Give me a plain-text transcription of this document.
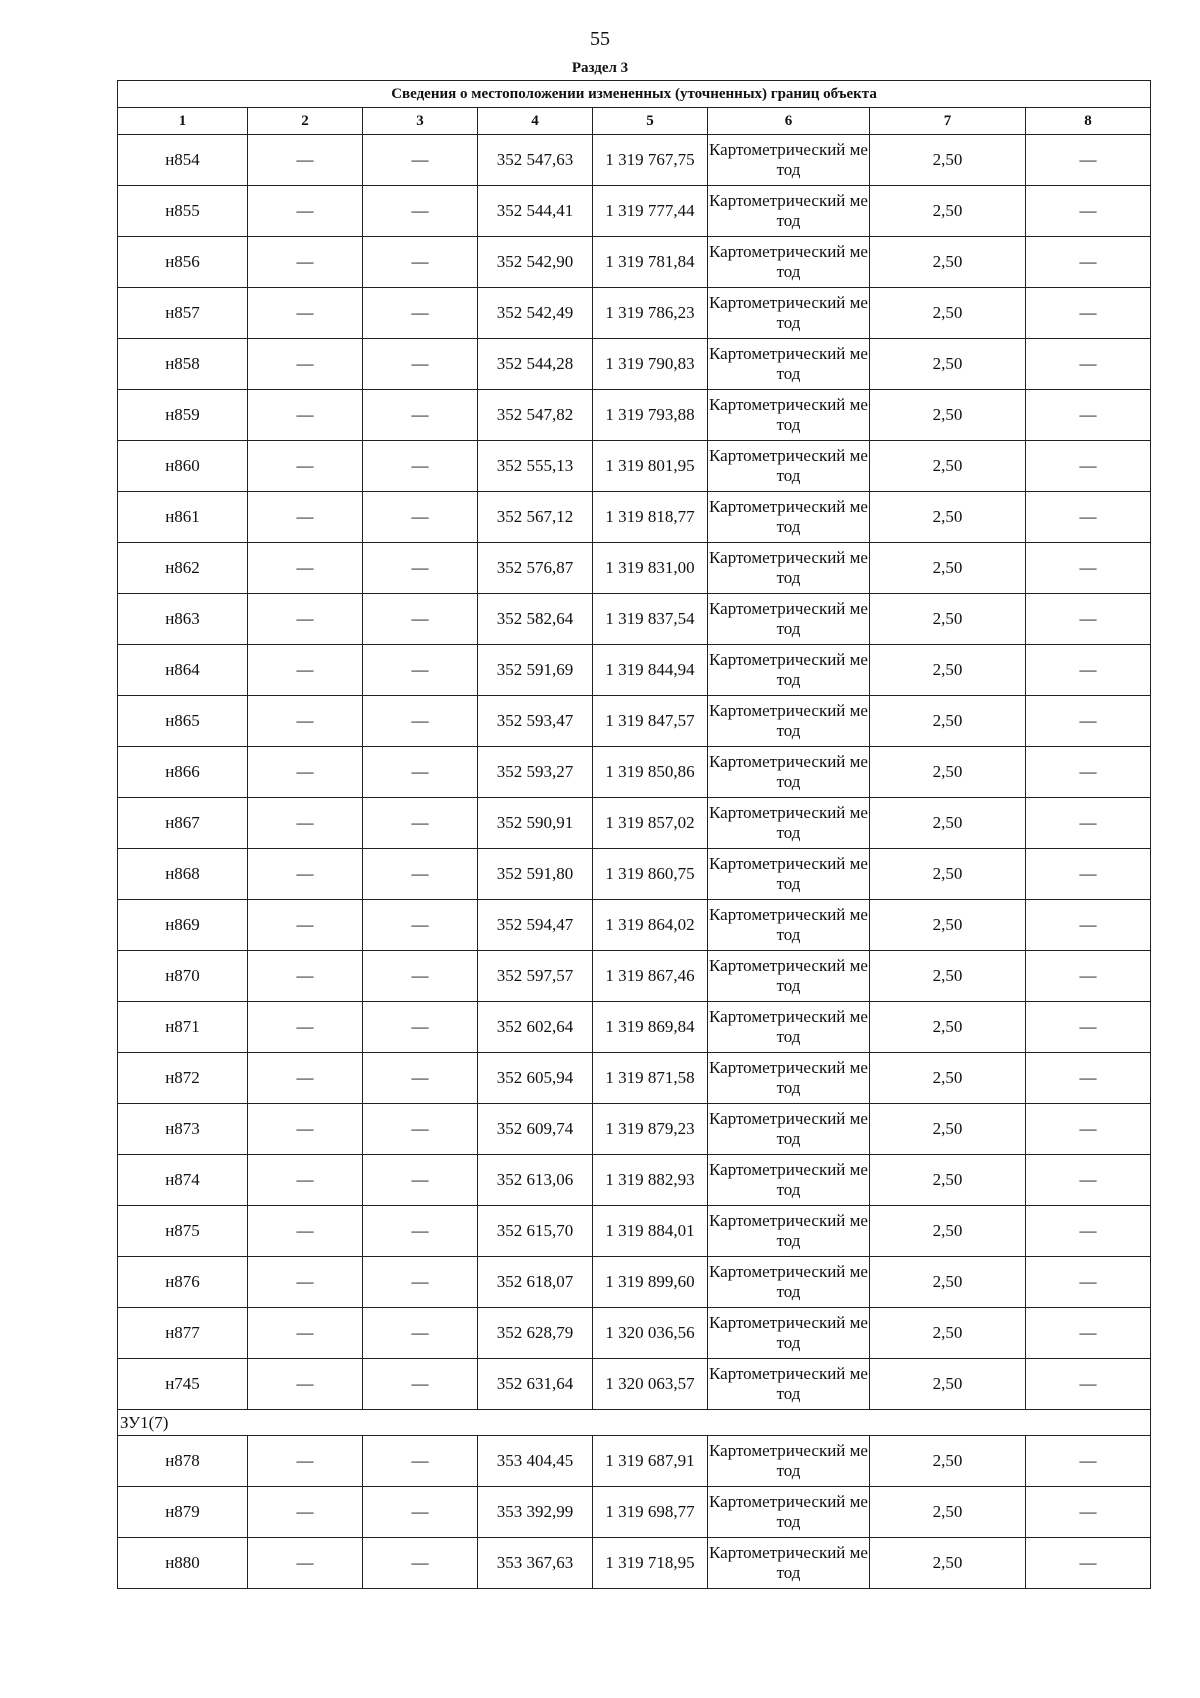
55
Раздел 3
Сведения о местоположении измененных (уточненных) границ объекта							
1	2	3	4	5	6	7	8
н854	—	—	352 547,63	1 319 767,75	Картометрический метод	2,50	—
н855	—	—	352 544,41	1 319 777,44	Картометрический метод	2,50	—
н856	—	—	352 542,90	1 319 781,84	Картометрический метод	2,50	—
н857	—	—	352 542,49	1 319 786,23	Картометрический метод	2,50	—
н858	—	—	352 544,28	1 319 790,83	Картометрический метод	2,50	—
н859	—	—	352 547,82	1 319 793,88	Картометрический метод	2,50	—
н860	—	—	352 555,13	1 319 801,95	Картометрический метод	2,50	—
н861	—	—	352 567,12	1 319 818,77	Картометрический метод	2,50	—
н862	—	—	352 576,87	1 319 831,00	Картометрический метод	2,50	—
н863	—	—	352 582,64	1 319 837,54	Картометрический метод	2,50	—
н864	—	—	352 591,69	1 319 844,94	Картометрический метод	2,50	—
н865	—	—	352 593,47	1 319 847,57	Картометрический метод	2,50	—
н866	—	—	352 593,27	1 319 850,86	Картометрический метод	2,50	—
н867	—	—	352 590,91	1 319 857,02	Картометрический метод	2,50	—
н868	—	—	352 591,80	1 319 860,75	Картометрический метод	2,50	—
н869	—	—	352 594,47	1 319 864,02	Картометрический метод	2,50	—
н870	—	—	352 597,57	1 319 867,46	Картометрический метод	2,50	—
н871	—	—	352 602,64	1 319 869,84	Картометрический метод	2,50	—
н872	—	—	352 605,94	1 319 871,58	Картометрический метод	2,50	—
н873	—	—	352 609,74	1 319 879,23	Картометрический метод	2,50	—
н874	—	—	352 613,06	1 319 882,93	Картометрический метод	2,50	—
н875	—	—	352 615,70	1 319 884,01	Картометрический метод	2,50	—
н876	—	—	352 618,07	1 319 899,60	Картометрический метод	2,50	—
н877	—	—	352 628,79	1 320 036,56	Картометрический метод	2,50	—
н745	—	—	352 631,64	1 320 063,57	Картометрический метод	2,50	—
ЗУ1(7)							
н878	—	—	353 404,45	1 319 687,91	Картометрический метод	2,50	—
н879	—	—	353 392,99	1 319 698,77	Картометрический метод	2,50	—
н880	—	—	353 367,63	1 319 718,95	Картометрический метод	2,50	—
